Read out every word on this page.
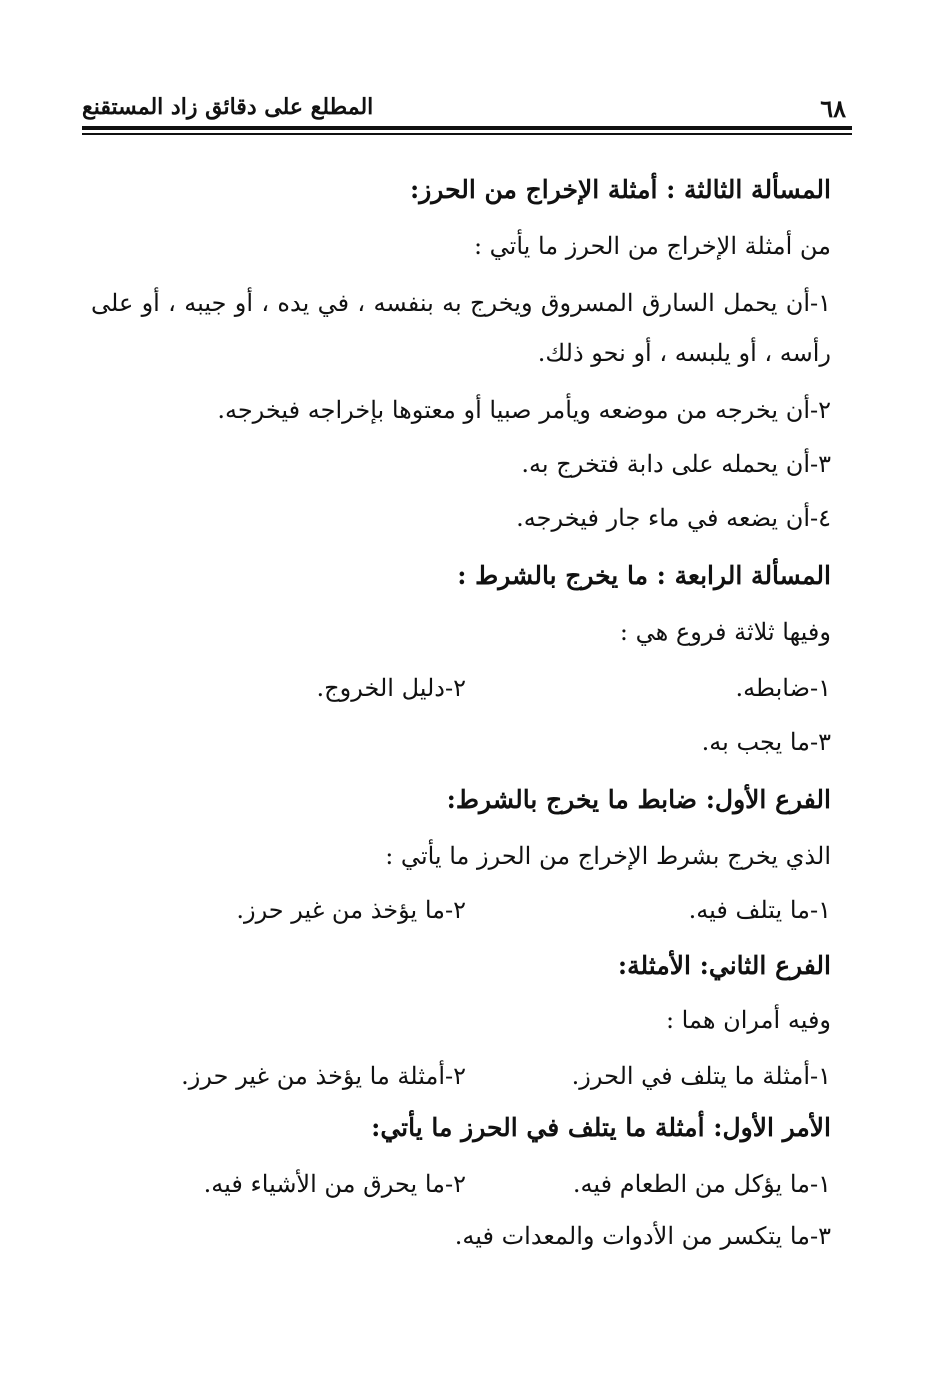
٦٨
المطلع على دقائق زاد المستقنع
المسألة الثالثة : أمثلة الإخراج من الحرز:
من أمثلة الإخراج من الحرز ما يأتي :
١-أن يحمل السارق المسروق ويخرج به بنفسه ، في يده ، أو جيبه ، أو على رأسه ، أو يلبسه ، أو نحو ذلك.
٢-أن يخرجه من موضعه ويأمر صبيا أو معتوها بإخراجه فيخرجه.
٣-أن يحمله على دابة فتخرج به.
٤-أن يضعه في ماء جار فيخرجه.
المسألة الرابعة : ما يخرج بالشرط :
وفيها ثلاثة فروع هي :
١-ضابطه.
٢-دليل الخروج.
٣-ما يجب به.
الفرع الأول: ضابط ما يخرج بالشرط:
الذي يخرج بشرط الإخراج من الحرز ما يأتي :
١-ما يتلف فيه.
٢-ما يؤخذ من غير حرز.
الفرع الثاني: الأمثلة:
وفيه أمران هما :
١-أمثلة ما يتلف في الحرز.
٢-أمثلة ما يؤخذ من غير حرز.
الأمر الأول: أمثلة ما يتلف في الحرز ما يأتي:
١-ما يؤكل من الطعام فيه.
٢-ما يحرق من الأشياء فيه.
٣-ما يتكسر من الأدوات والمعدات فيه.
